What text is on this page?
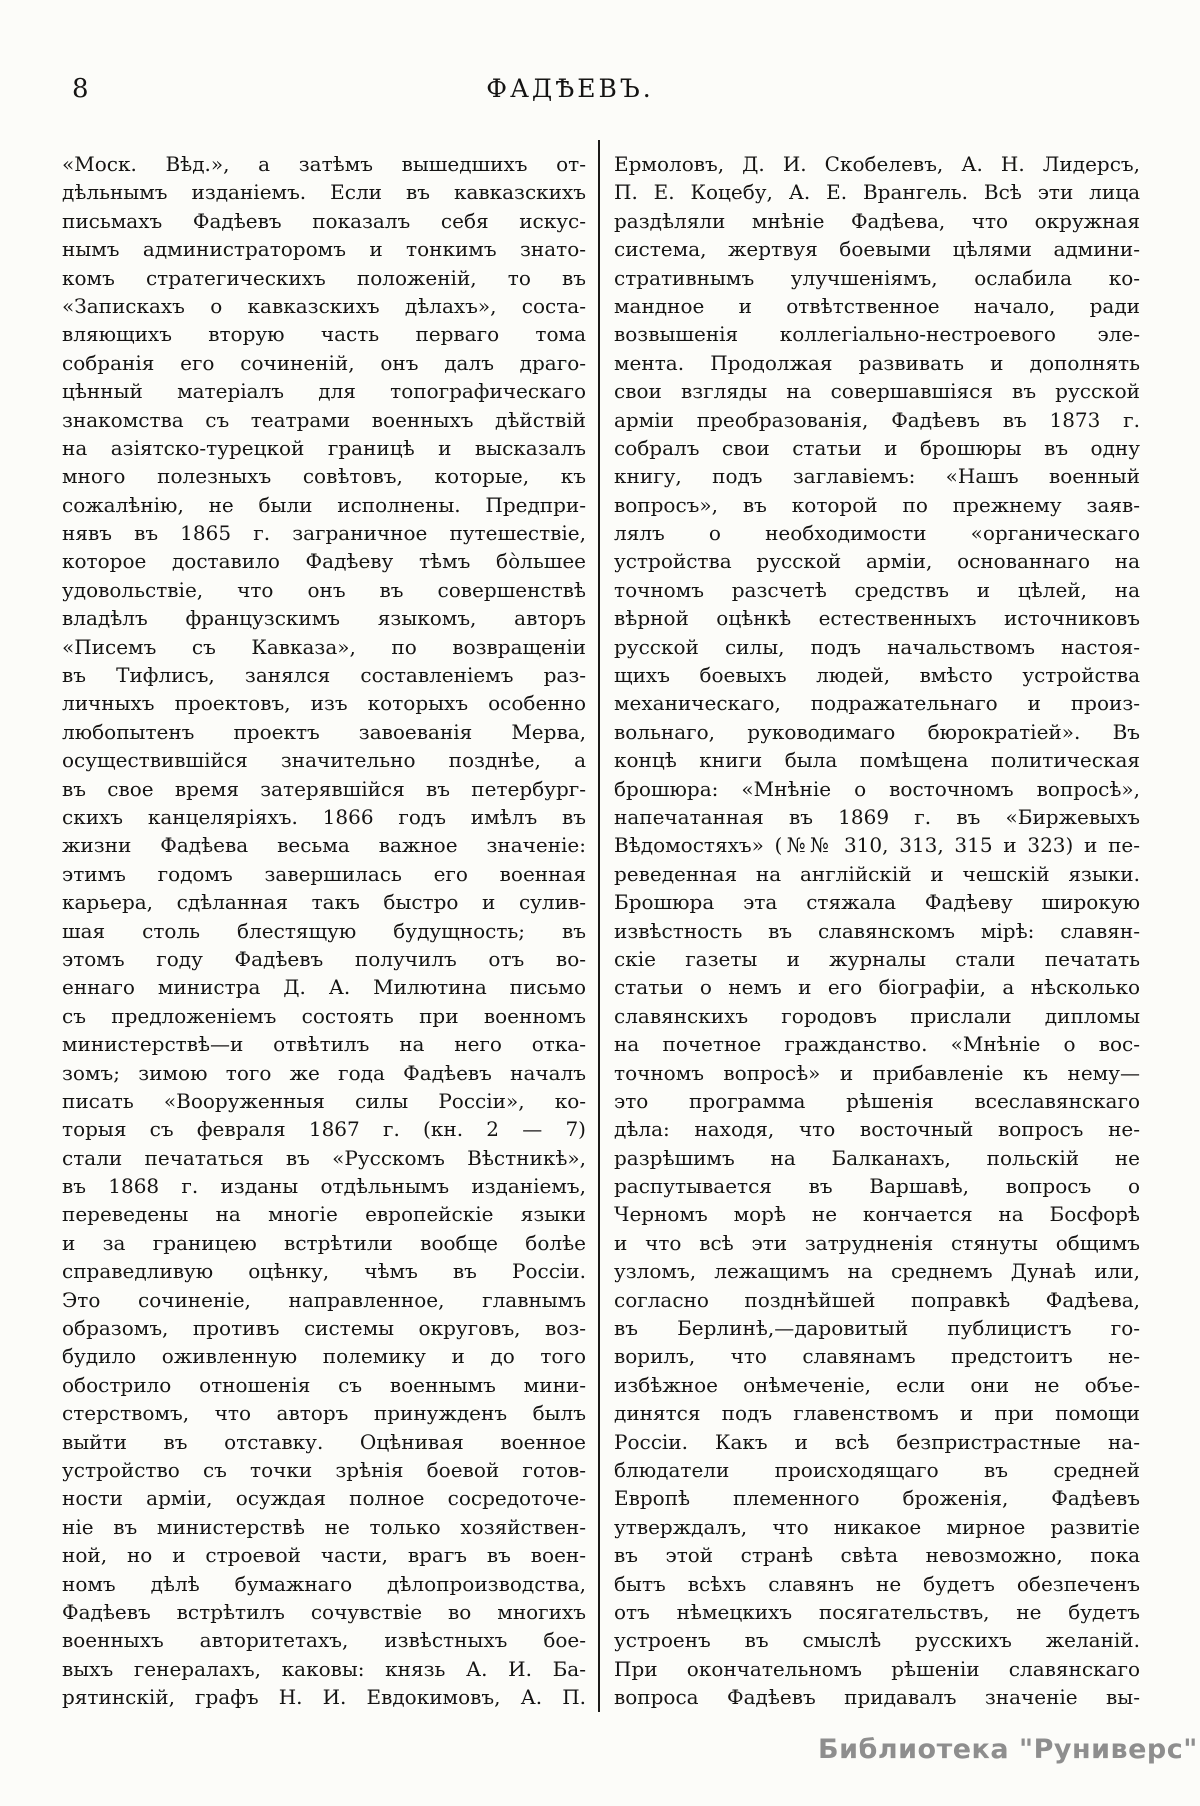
8	ФАДѢЕВЪ.
«Моск. Вѣд.», а затѣмъ вышедшихъ от-
дѣльнымъ изданіемъ. Если въ кавказскихъ
письмахъ Фадѣевъ показалъ себя искус-
нымъ администраторомъ и тонкимъ знато-
комъ стратегическихъ положеній, то въ
«Запискахъ о кавказскихъ дѣлахъ», соста-
вляющихъ вторую часть перваго тома
собранія его сочиненій, онъ далъ драго-
цѣнный матеріалъ для топографическаго
знакомства съ театрами военныхъ дѣйствій
на азіятско-турецкой границѣ и высказалъ
много полезныхъ совѣтовъ, которые, къ
сожалѣнію, не были исполнены. Предпри-
нявъ въ 1865 г. заграничное путешествіе,
которое доставило Фадѣеву тѣмъ бо̀льшее
удовольствіе, что онъ въ совершенствѣ
владѣлъ французскимъ языкомъ, авторъ
«Писемъ съ Кавказа», по возвращеніи
въ Тифлисъ, занялся составленіемъ раз-
личныхъ проектовъ, изъ которыхъ особенно
любопытенъ проектъ завоеванія Мерва,
осуществившійся значительно позднѣе, а
въ свое время затерявшійся въ петербург-
скихъ канцеляріяхъ. 1866 годъ имѣлъ въ
жизни Фадѣева весьма важное значеніе:
этимъ годомъ завершилась его военная
карьера, сдѣланная такъ быстро и сулив-
шая столь блестящую будущность; въ
этомъ году Фадѣевъ получилъ отъ во-
еннаго министра Д. А. Милютина письмо
съ предложеніемъ состоять при военномъ
министерствѣ—и отвѣтилъ на него отка-
зомъ; зимою того же года Фадѣевъ началъ
писать «Вооруженныя силы Россіи», ко-
торыя съ февраля 1867 г. (кн. 2 — 7)
стали печататься въ «Русскомъ Вѣстникѣ»,
въ 1868 г. изданы отдѣльнымъ изданіемъ,
переведены на многіе европейскіе языки
и за границею встрѣтили вообще болѣе
справедливую оцѣнку, чѣмъ въ Россіи.
Это сочиненіе, направленное, главнымъ
образомъ, противъ системы округовъ, воз-
будило оживленную полемику и до того
обострило отношенія съ военнымъ мини-
стерствомъ, что авторъ принужденъ былъ
выйти въ отставку. Оцѣнивая военное
устройство съ точки зрѣнія боевой готов-
ности арміи, осуждая полное сосредоточе-
ніе въ министерствѣ не только хозяйствен-
ной, но и строевой части, врагъ въ воен-
номъ дѣлѣ бумажнаго дѣлопроизводства,
Фадѣевъ встрѣтилъ сочувствіе во многихъ
военныхъ авторитетахъ, извѣстныхъ бое-
выхъ генералахъ, каковы: князь А. И. Ба-
рятинскій, графъ Н. И. Евдокимовъ, А. П.
Ермоловъ, Д. И. Скобелевъ, А. Н. Лидерсъ,
П. Е. Коцебу, А. Е. Врангель. Всѣ эти лица
раздѣляли мнѣніе Фадѣева, что окружная
система, жертвуя боевыми цѣлями админи-
стративнымъ улучшеніямъ, ослабила ко-
мандное и отвѣтственное начало, ради
возвышенія коллегіально-нестроевого эле-
мента. Продолжая развивать и дополнять
свои взгляды на совершавшіяся въ русской
арміи преобразованія, Фадѣевъ въ 1873 г.
собралъ свои статьи и брошюры въ одну
книгу, подъ заглавіемъ: «Нашъ военный
вопросъ», въ которой по прежнему заяв-
лялъ о необходимости «органическаго
устройства русской арміи, основаннаго на
точномъ разсчетѣ средствъ и цѣлей, на
вѣрной оцѣнкѣ естественныхъ источниковъ
русской силы, подъ начальствомъ настоя-
щихъ боевыхъ людей, вмѣсто устройства
механическаго, подражательнаго и произ-
вольнаго, руководимаго бюрократіей». Въ
концѣ книги была помѣщена политическая
брошюра: «Мнѣніе о восточномъ вопросѣ»,
напечатанная въ 1869 г. въ «Биржевыхъ
Вѣдомостяхъ» (№№ 310, 313, 315 и 323) и пе-
реведенная на англійскій и чешскій языки.
Брошюра эта стяжала Фадѣеву широкую
извѣстность въ славянскомъ мірѣ: славян-
скіе газеты и журналы стали печатать
статьи о немъ и его біографіи, а нѣсколько
славянскихъ городовъ прислали дипломы
на почетное гражданство. «Мнѣніе о вос-
точномъ вопросѣ» и прибавленіе къ нему—
это программа рѣшенія всеславянскаго
дѣла: находя, что восточный вопросъ не-
разрѣшимъ на Балканахъ, польскій не
распутывается въ Варшавѣ, вопросъ о
Черномъ морѣ не кончается на Босфорѣ
и что всѣ эти затрудненія стянуты общимъ
узломъ, лежащимъ на среднемъ Дунаѣ или,
согласно позднѣйшей поправкѣ Фадѣева,
въ Берлинѣ,—даровитый публицистъ го-
ворилъ, что славянамъ предстоитъ не-
избѣжное онѣмеченіе, если они не объе-
динятся подъ главенствомъ и при помощи
Россіи. Какъ и всѣ безпристрастные на-
блюдатели происходящаго въ средней
Европѣ племенного броженія, Фадѣевъ
утверждалъ, что никакое мирное развитіе
въ этой странѣ свѣта невозможно, пока
бытъ всѣхъ славянъ не будетъ обезпеченъ
отъ нѣмецкихъ посягательствъ, не будетъ
устроенъ въ смыслѣ русскихъ желаній.
При окончательномъ рѣшеніи славянскаго
вопроса Фадѣевъ придавалъ значеніе вы-
Библиотека "Руниверс"
